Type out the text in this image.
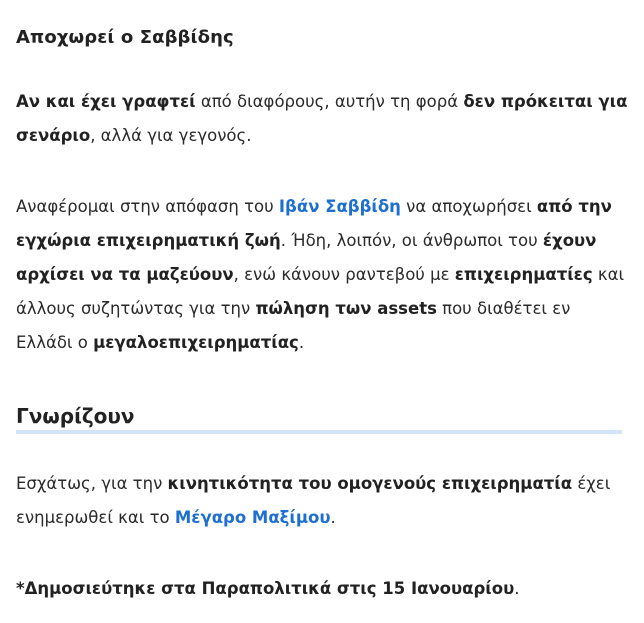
Αποχωρεί ο Σαββίδης

Αν και έχει γραφτεί από διαφόρους, αυτήν τη φορά δεν πρόκειται για σενάριο, αλλά για γεγονός.

Αναφέρομαι στην απόφαση του Ιβάν Σαββίδη να αποχωρήσει από την εγχώρια επιχειρηματική ζωή. Ήδη, λοιπόν, οι άνθρωποι του έχουν αρχίσει να τα μαζεύουν, ενώ κάνουν ραντεβού με επιχειρηματίες και άλλους συζητώντας για την πώληση των assets που διαθέτει εν Ελλάδι ο μεγαλοεπιχειρηματίας.

Γνωρίζουν

Εσχάτως, για την κινητικότητα του ομογενούς επιχειρηματία έχει ενημερωθεί και το Μέγαρο Μαξίμου.

*Δημοσιεύτηκε στα Παραπολιτικά στις 15 Ιανουαρίου.
